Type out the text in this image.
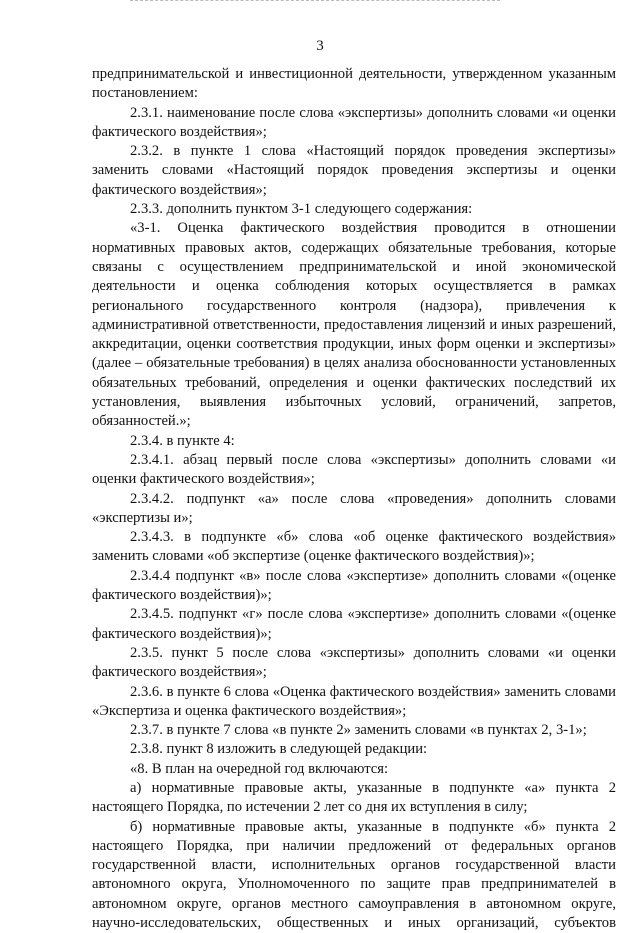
3

предпринимательской и инвестиционной деятельности, утвержденном указанным постановлением:

2.3.1. наименование после слова «экспертизы» дополнить словами «и оценки фактического воздействия»;

2.3.2. в пункте 1 слова «Настоящий порядок проведения экспертизы» заменить словами «Настоящий порядок проведения экспертизы и оценки фактического воздействия»;

2.3.3. дополнить пунктом 3-1 следующего содержания:

«3-1. Оценка фактического воздействия проводится в отношении нормативных правовых актов, содержащих обязательные требования, которые связаны с осуществлением предпринимательской и иной экономической деятельности и оценка соблюдения которых осуществляется в рамках регионального государственного контроля (надзора), привлечения к административной ответственности, предоставления лицензий и иных разрешений, аккредитации, оценки соответствия продукции, иных форм оценки и экспертизы» (далее – обязательные требования) в целях анализа обоснованности установленных обязательных требований, определения и оценки фактических последствий их установления, выявления избыточных условий, ограничений, запретов, обязанностей.»;

2.3.4. в пункте 4:

2.3.4.1. абзац первый после слова «экспертизы» дополнить словами «и оценки фактического воздействия»;

2.3.4.2. подпункт «а» после слова «проведения» дополнить словами «экспертизы и»;

2.3.4.3. в подпункте «б» слова «об оценке фактического воздействия» заменить словами «об экспертизе (оценке фактического воздействия)»;

2.3.4.4 подпункт «в» после слова «экспертизе» дополнить словами «(оценке фактического воздействия)»;

2.3.4.5. подпункт «г» после слова «экспертизе» дополнить словами «(оценке фактического воздействия)»;

2.3.5. пункт 5 после слова «экспертизы» дополнить словами «и оценки фактического воздействия»;

2.3.6. в пункте 6 слова «Оценка фактического воздействия» заменить словами «Экспертиза и оценка фактического воздействия»;

2.3.7. в пункте 7 слова «в пункте 2» заменить словами «в пунктах 2, 3-1»;

2.3.8. пункт 8 изложить в следующей редакции:

«8. В план на очередной год включаются:

а) нормативные правовые акты, указанные в подпункте «а» пункта 2 настоящего Порядка, по истечении 2 лет со дня их вступления в силу;

б) нормативные правовые акты, указанные в подпункте «б» пункта 2 настоящего Порядка, при наличии предложений от федеральных органов государственной власти, исполнительных органов государственной власти автономного округа, Уполномоченного по защите прав предпринимателей в автономном округе, органов местного самоуправления в автономном округе, научно-исследовательских, общественных и иных организаций, субъектов
